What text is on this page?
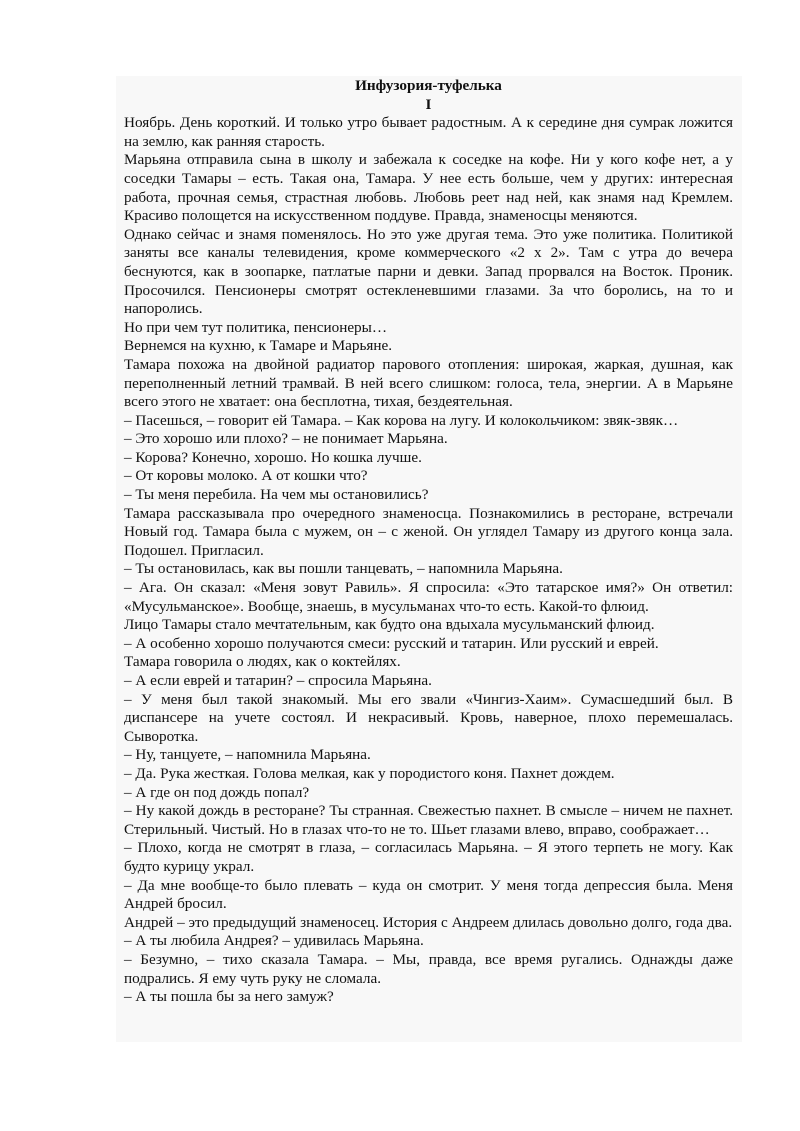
Инфузория-туфелька

I

Ноябрь. День короткий. И только утро бывает радостным. А к середине дня сумрак ложится на землю, как ранняя старость.

Марьяна отправила сына в школу и забежала к соседке на кофе. Ни у кого кофе нет, а у соседки Тамары – есть. Такая она, Тамара. У нее есть больше, чем у других: интересная работа, прочная семья, страстная любовь. Любовь реет над ней, как знамя над Кремлем. Красиво полощется на искусственном поддуве. Правда, знаменосцы меняются.

Однако сейчас и знамя поменялось. Но это уже другая тема. Это уже политика. Политикой заняты все каналы телевидения, кроме коммерческого «2 х 2». Там с утра до вечера беснуются, как в зоопарке, патлатые парни и девки. Запад прорвался на Восток. Проник. Просочился. Пенсионеры смотрят остекленевшими глазами. За что боролись, на то и напоролись.

Но при чем тут политика, пенсионеры…

Вернемся на кухню, к Тамаре и Марьяне.

Тамара похожа на двойной радиатор парового отопления: широкая, жаркая, душная, как переполненный летний трамвай. В ней всего слишком: голоса, тела, энергии. А в Марьяне всего этого не хватает: она бесплотна, тихая, бездеятельная.

– Пасешься, – говорит ей Тамара. – Как корова на лугу. И колокольчиком: звяк-звяк…

– Это хорошо или плохо? – не понимает Марьяна.

– Корова? Конечно, хорошо. Но кошка лучше.

– От коровы молоко. А от кошки что?

– Ты меня перебила. На чем мы остановились?

Тамара рассказывала про очередного знаменосца. Познакомились в ресторане, встречали Новый год. Тамара была с мужем, он – с женой. Он углядел Тамару из другого конца зала. Подошел. Пригласил.

– Ты остановилась, как вы пошли танцевать, – напомнила Марьяна.

– Ага. Он сказал: «Меня зовут Равиль». Я спросила: «Это татарское имя?» Он ответил: «Мусульманское». Вообще, знаешь, в мусульманах что-то есть. Какой-то флюид.

Лицо Тамары стало мечтательным, как будто она вдыхала мусульманский флюид.

– А особенно хорошо получаются смеси: русский и татарин. Или русский и еврей.

Тамара говорила о людях, как о коктейлях.

– А если еврей и татарин? – спросила Марьяна.

– У меня был такой знакомый. Мы его звали «Чингиз-Хаим». Сумасшедший был. В диспансере на учете состоял. И некрасивый. Кровь, наверное, плохо перемешалась. Сыворотка.

– Ну, танцуете, – напомнила Марьяна.

– Да. Рука жесткая. Голова мелкая, как у породистого коня. Пахнет дождем.

– А где он под дождь попал?

– Ну какой дождь в ресторане? Ты странная. Свежестью пахнет. В смысле – ничем не пахнет. Стерильный. Чистый. Но в глазах что-то не то. Шьет глазами влево, вправо, соображает…

– Плохо, когда не смотрят в глаза, – согласилась Марьяна. – Я этого терпеть не могу. Как будто курицу украл.

– Да мне вообще-то было плевать – куда он смотрит. У меня тогда депрессия была. Меня Андрей бросил.

Андрей – это предыдущий знаменосец. История с Андреем длилась довольно долго, года два.

– А ты любила Андрея? – удивилась Марьяна.

– Безумно, – тихо сказала Тамара. – Мы, правда, все время ругались. Однажды даже подрались. Я ему чуть руку не сломала.

– А ты пошла бы за него замуж?
